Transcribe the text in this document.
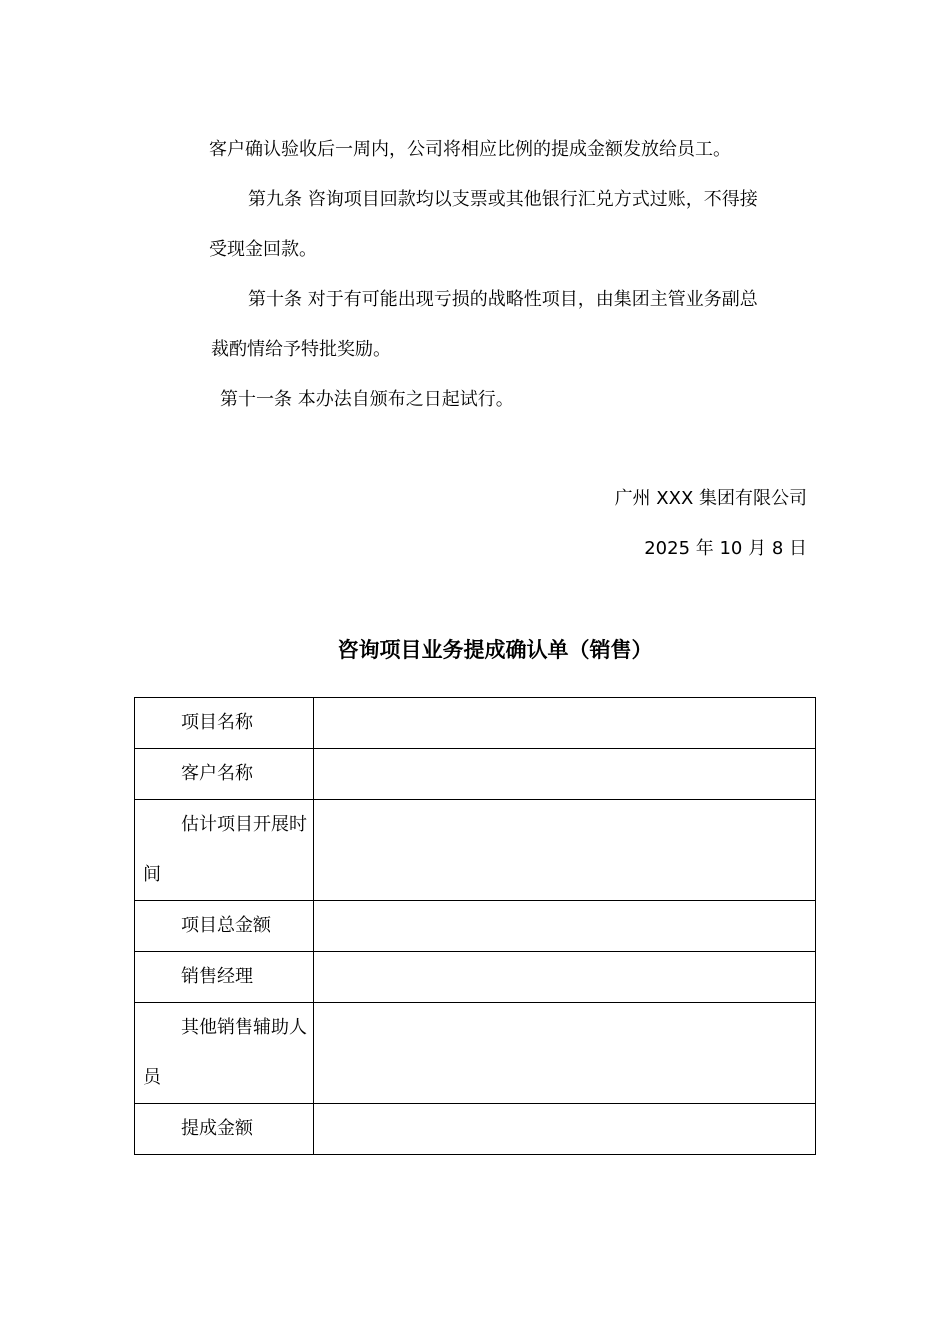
客户确认验收后一周内，公司将相应比例的提成金额发放给员工。
第九条 咨询项目回款均以支票或其他银行汇兑方式过账，不得接
受现金回款。
第十条 对于有可能出现亏损的战略性项目，由集团主管业务副总
裁酌情给予特批奖励。
第十一条 本办法自颁布之日起试行。
广州 XXX 集团有限公司
2025 年 10 月 8 日
咨询项目业务提成确认单（销售）
项目名称	

客户名称	

估计项目开展时间	

项目总金额	

销售经理	

其他销售辅助人员	

提成金额	
